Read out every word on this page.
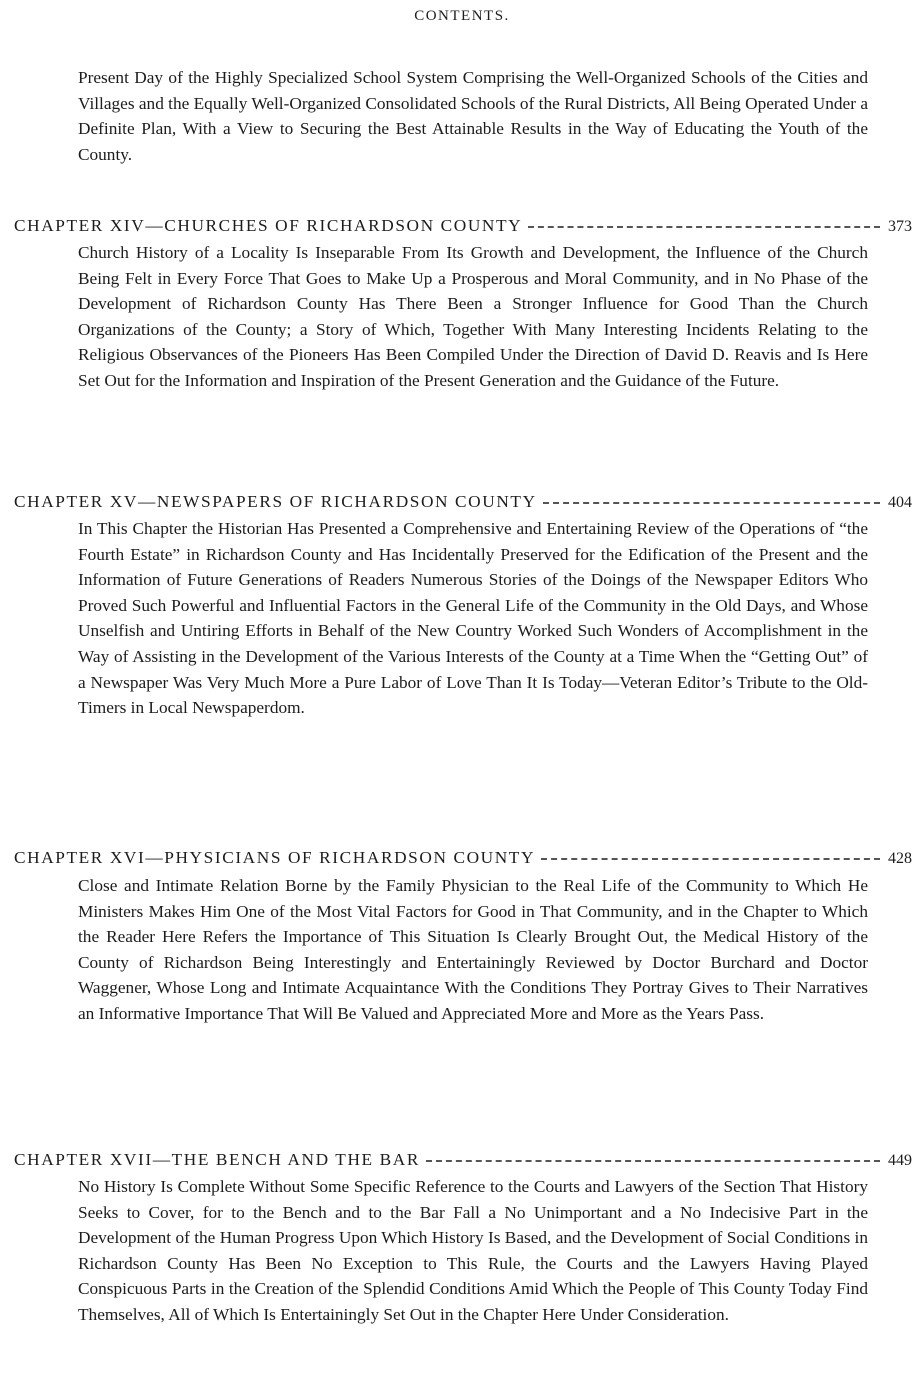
CONTENTS.
Present Day of the Highly Specialized School System Comprising the Well-Organized Schools of the Cities and Villages and the Equally Well-Organized Consolidated Schools of the Rural Districts, All Being Operated Under a Definite Plan, With a View to Securing the Best Attainable Results in the Way of Educating the Youth of the County.
CHAPTER XIV—CHURCHES OF RICHARDSON COUNTY	373
Church History of a Locality Is Inseparable From Its Growth and Development, the Influence of the Church Being Felt in Every Force That Goes to Make Up a Prosperous and Moral Community, and in No Phase of the Development of Richardson County Has There Been a Stronger Influence for Good Than the Church Organizations of the County; a Story of Which, Together With Many Interesting Incidents Relating to the Religious Observances of the Pioneers Has Been Compiled Under the Direction of David D. Reavis and Is Here Set Out for the Information and Inspiration of the Present Generation and the Guidance of the Future.
CHAPTER XV—NEWSPAPERS OF RICHARDSON COUNTY	404
In This Chapter the Historian Has Presented a Comprehensive and Entertaining Review of the Operations of “the Fourth Estate” in Richardson County and Has Incidentally Preserved for the Edification of the Present and the Information of Future Generations of Readers Numerous Stories of the Doings of the Newspaper Editors Who Proved Such Powerful and Influential Factors in the General Life of the Community in the Old Days, and Whose Unselfish and Untiring Efforts in Behalf of the New Country Worked Such Wonders of Accomplishment in the Way of Assisting in the Development of the Various Interests of the County at a Time When the “Getting Out” of a Newspaper Was Very Much More a Pure Labor of Love Than It Is Today—Veteran Editor’s Tribute to the Old-Timers in Local Newspaperdom.
CHAPTER XVI—PHYSICIANS OF RICHARDSON COUNTY	428
Close and Intimate Relation Borne by the Family Physician to the Real Life of the Community to Which He Ministers Makes Him One of the Most Vital Factors for Good in That Community, and in the Chapter to Which the Reader Here Refers the Importance of This Situation Is Clearly Brought Out, the Medical History of the County of Richardson Being Interestingly and Entertainingly Reviewed by Doctor Burchard and Doctor Waggener, Whose Long and Intimate Acquaintance With the Conditions They Portray Gives to Their Narratives an Informative Importance That Will Be Valued and Appreciated More and More as the Years Pass.
CHAPTER XVII—THE BENCH AND THE BAR	449
No History Is Complete Without Some Specific Reference to the Courts and Lawyers of the Section That History Seeks to Cover, for to the Bench and to the Bar Fall a No Unimportant and a No Indecisive Part in the Development of the Human Progress Upon Which History Is Based, and the Development of Social Conditions in Richardson County Has Been No Exception to This Rule, the Courts and the Lawyers Having Played Conspicuous Parts in the Creation of the Splendid Conditions Amid Which the People of This County Today Find Themselves, All of Which Is Entertainingly Set Out in the Chapter Here Under Consideration.
